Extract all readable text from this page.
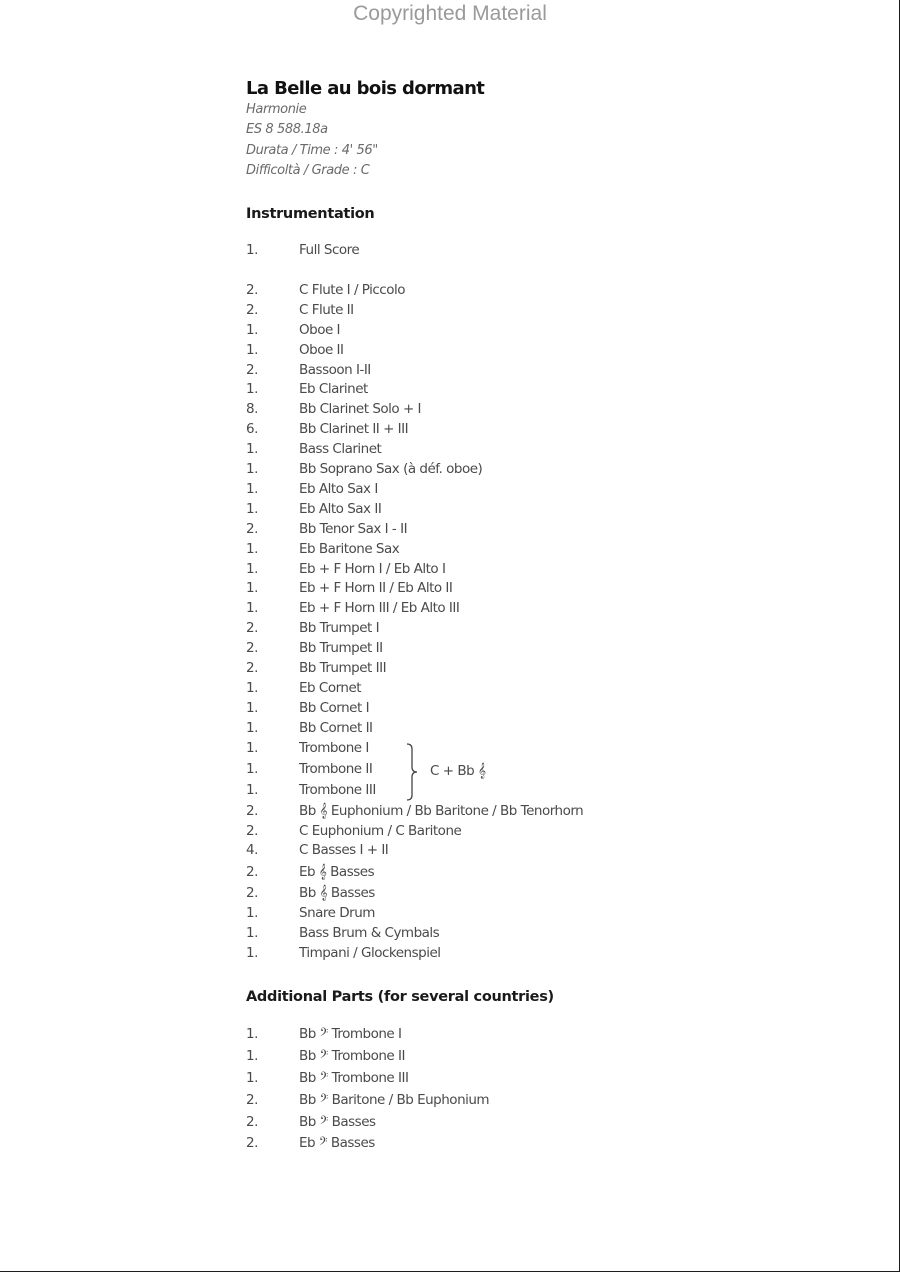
Copyrighted Material
La Belle au bois dormant
Harmonie
ES 8 588.18a
Durata / Time : 4' 56"
Difficoltà / Grade : C
Instrumentation
1.	Full Score
2.	C Flute I / Piccolo
2.	C Flute II
1.	Oboe I
1.	Oboe II
2.	Bassoon I-II
1.	Eb Clarinet
8.	Bb Clarinet Solo + I
6.	Bb Clarinet II + III
1.	Bass Clarinet
1.	Bb Soprano Sax (à déf. oboe)
1.	Eb Alto Sax I
1.	Eb Alto Sax II
2.	Bb Tenor Sax I - II
1.	Eb Baritone Sax
1.	Eb + F Horn I / Eb Alto I
1.	Eb + F Horn II / Eb Alto II
1.	Eb + F Horn III / Eb Alto III
2.	Bb Trumpet I
2.	Bb Trumpet II
2.	Bb Trumpet III
1.	Eb Cornet
1.	Bb Cornet I
1.	Bb Cornet II
1.	Trombone I
1.	Trombone II
1.	Trombone III
2.	Bb 𝄞 Euphonium / Bb Baritone / Bb Tenorhorn
2.	C Euphonium / C Baritone
4.	C Basses I + II
2.	Eb 𝄞 Basses
2.	Bb 𝄞 Basses
1.	Snare Drum
1.	Bass Brum & Cymbals
1.	Timpani / Glockenspiel
C + Bb 𝄞
Additional Parts (for several countries)
1.	Bb 𝄢 Trombone I
1.	Bb 𝄢 Trombone II
1.	Bb 𝄢 Trombone III
2.	Bb 𝄢 Baritone / Bb Euphonium
2.	Bb 𝄢 Basses
2.	Eb 𝄢 Basses
